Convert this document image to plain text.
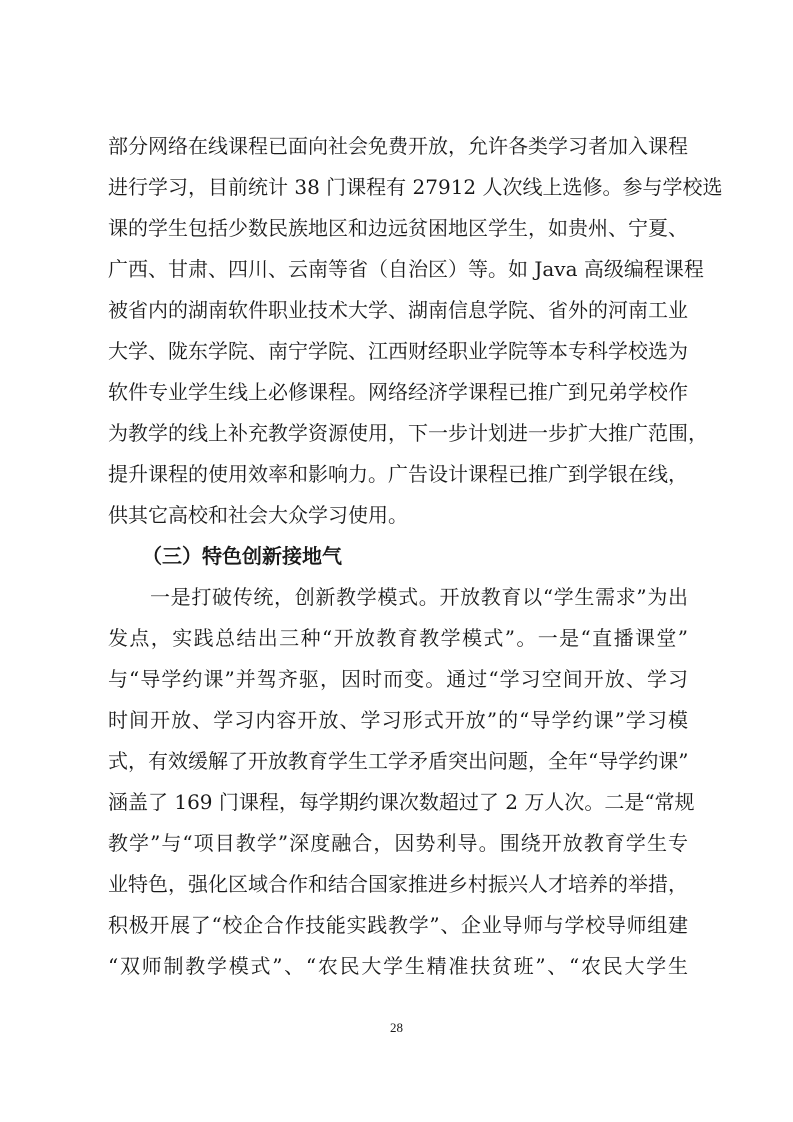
部分网络在线课程已面向社会免费开放，允许各类学习者加入课程
进行学习，目前统计 38 门课程有 27912 人次线上选修。参与学校选
课的学生包括少数民族地区和边远贫困地区学生，如贵州、宁夏、
广西、甘肃、四川、云南等省（自治区）等。如 Java 高级编程课程
被省内的湖南软件职业技术大学、湖南信息学院、省外的河南工业
大学、陇东学院、南宁学院、江西财经职业学院等本专科学校选为
软件专业学生线上必修课程。网络经济学课程已推广到兄弟学校作
为教学的线上补充教学资源使用，下一步计划进一步扩大推广范围，
提升课程的使用效率和影响力。广告设计课程已推广到学银在线，
供其它高校和社会大众学习使用。
（三）特色创新接地气
一是打破传统，创新教学模式。开放教育以“学生需求”为出
发点，实践总结出三种“开放教育教学模式”。一是“直播课堂”
与“导学约课”并驾齐驱，因时而变。通过“学习空间开放、学习
时间开放、学习内容开放、学习形式开放”的“导学约课”学习模
式，有效缓解了开放教育学生工学矛盾突出问题，全年“导学约课”
涵盖了 169 门课程，每学期约课次数超过了 2 万人次。二是“常规
教学”与“项目教学”深度融合，因势利导。围绕开放教育学生专
业特色，强化区域合作和结合国家推进乡村振兴人才培养的举措，
积极开展了“校企合作技能实践教学”、企业导师与学校导师组建
“双师制教学模式”、“农民大学生精准扶贫班”、“农民大学生
28
